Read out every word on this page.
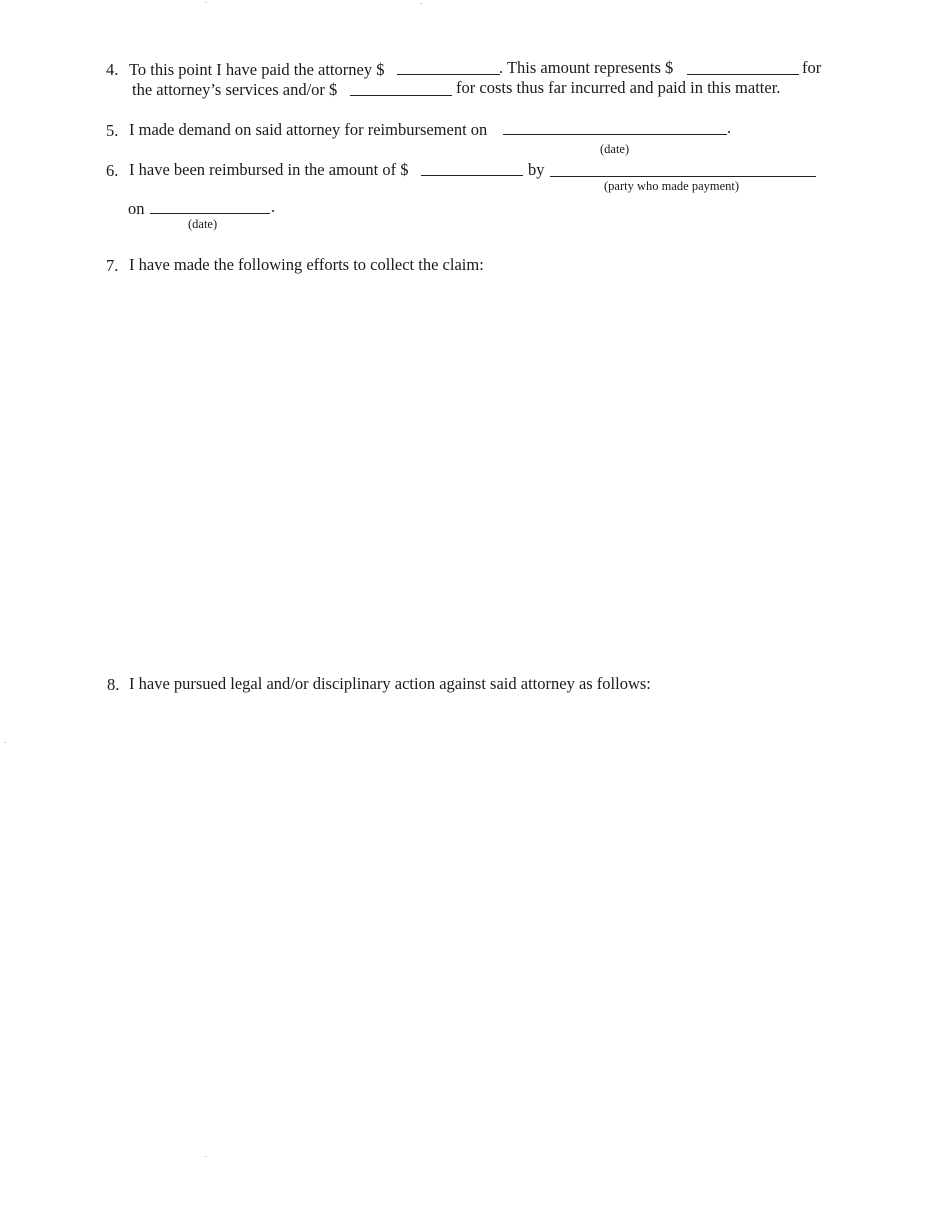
4. To this point I have paid the attorney $	. This amount represents $	for
the attorney’s services and/or $	for costs thus far incurred and paid in this matter.
5. I made demand on said attorney for reimbursement on	.
(date)
6. I have been reimbursed in the amount of $	by
(party who made payment)
on	.
(date)
7. I have made the following efforts to collect the claim:
8. I have pursued legal and/or disciplinary action against said attorney as follows:
